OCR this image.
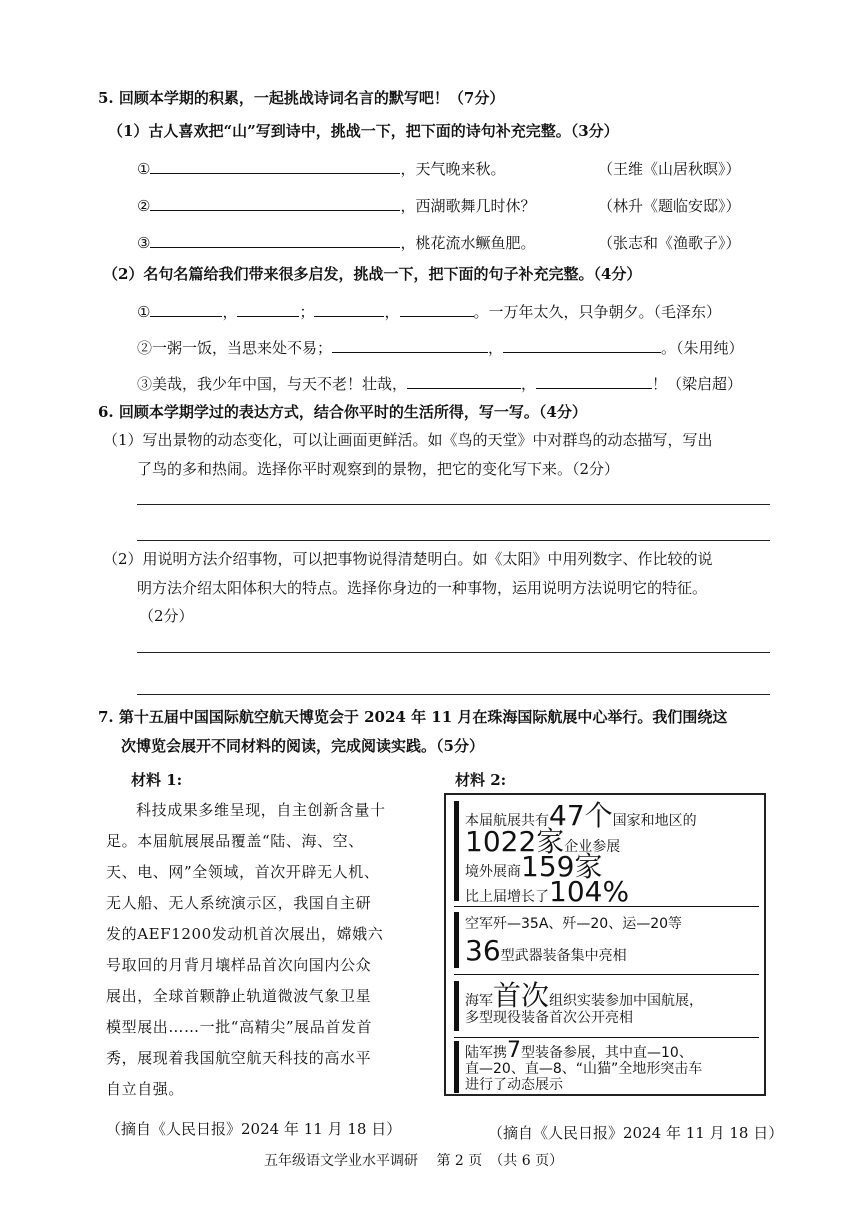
5. 回顾本学期的积累，一起挑战诗词名言的默写吧！（7分）
（1）古人喜欢把“山”写到诗中，挑战一下，把下面的诗句补充完整。（3分）
①	，天气晚来秋。	（王维《山居秋暝》）
②	，西湖歌舞几时休？	（林升《题临安邸》）
③	，桃花流水鳜鱼肥。	（张志和《渔歌子》）
（2）名句名篇给我们带来很多启发，挑战一下，把下面的句子补充完整。（4分）
①	，	；	，	。一万年太久，只争朝夕。（毛泽东）
②一粥一饭，当思来处不易；	，	。（朱用纯）
③美哉，我少年中国，与天不老！壮哉，	，	！（梁启超）
6. 回顾本学期学过的表达方式，结合你平时的生活所得，写一写。（4分）
（1）写出景物的动态变化，可以让画面更鲜活。如《鸟的天堂》中对群鸟的动态描写，写出
了鸟的多和热闹。选择你平时观察到的景物，把它的变化写下来。（2分）
（2）用说明方法介绍事物，可以把事物说得清楚明白。如《太阳》中用列数字、作比较的说
明方法介绍太阳体积大的特点。选择你身边的一种事物，运用说明方法说明它的特征。
（2分）
7. 第十五届中国国际航空航天博览会于 2024 年 11 月在珠海国际航展中心举行。我们围绕这
次博览会展开不同材料的阅读，完成阅读实践。（5分）
材料 1:	材料 2:
科技成果多维呈现，自主创新含量十足。本届航展展品覆盖“陆、海、空、天、电、网”全领域，首次开辟无人机、无人船、无人系统演示区，我国自主研发的AEF1200发动机首次展出，嫦娥六号取回的月背月壤样品首次向国内公众展出，全球首颗静止轨道微波气象卫星模型展出……一批“高精尖”展品首发首秀，展现着我国航空航天科技的高水平自立自强。
本届航展共有47个国家和地区的
1022家企业参展
境外展商159家
比上届增长了104%
空军歼—35A、歼—20、运—20等
36型武器装备集中亮相
海军首次组织实装参加中国航展，
多型现役装备首次公开亮相
陆军携7型装备参展，其中直—10、
直—20、直—8、“山猫”全地形突击车
进行了动态展示
（摘自《人民日报》2024 年 11 月 18 日）	（摘自《人民日报》2024 年 11 月 18 日）
五年级语文学业水平调研　 第 2 页　（共 6 页）
